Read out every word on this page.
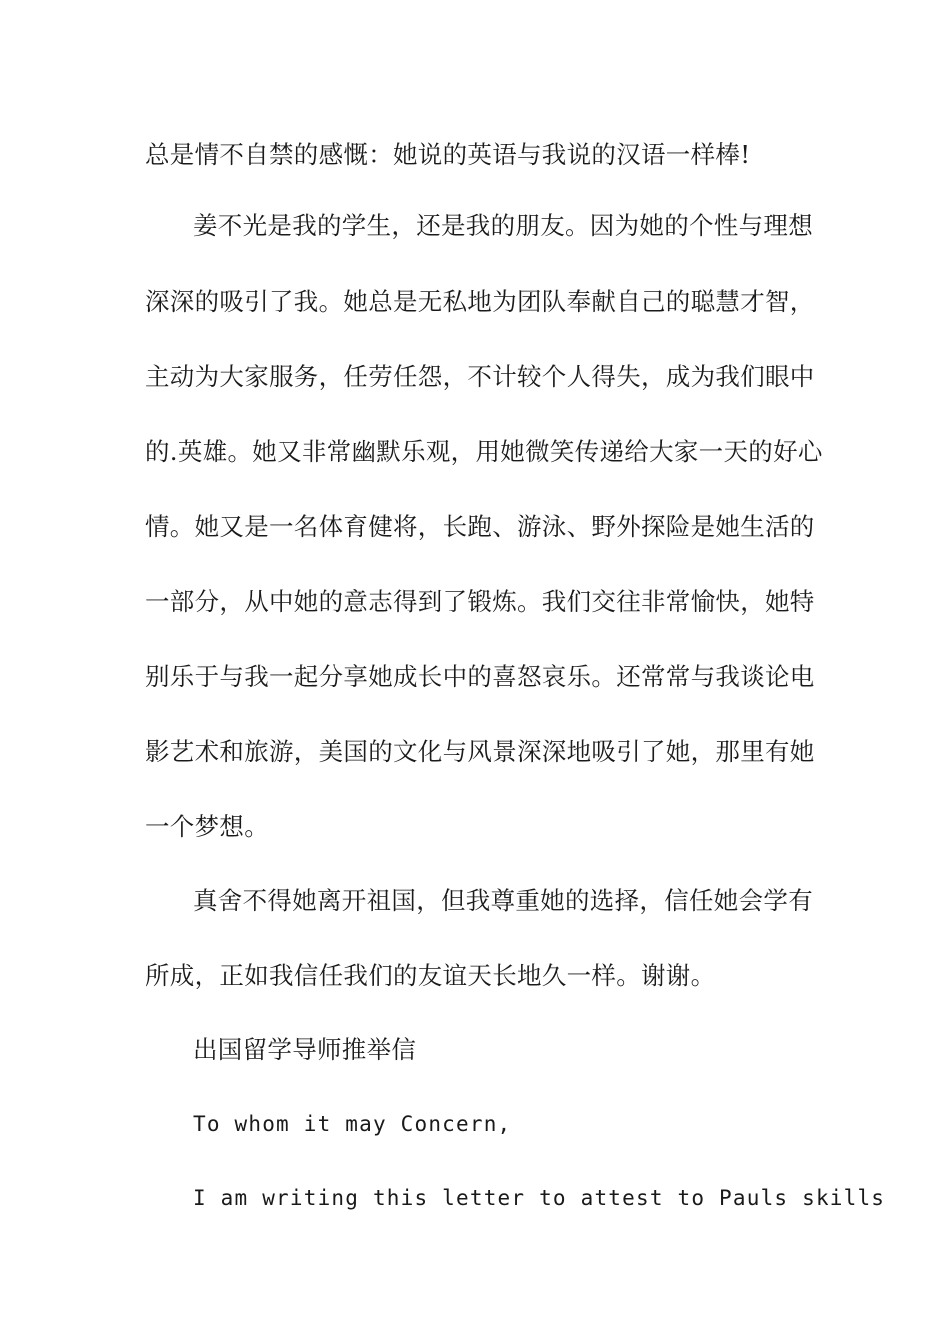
总是情不自禁的感慨：她说的英语与我说的汉语一样棒!
姜不光是我的学生，还是我的朋友。因为她的个性与理想
深深的吸引了我。她总是无私地为团队奉献自己的聪慧才智，
主动为大家服务，任劳任怨，不计较个人得失，成为我们眼中
的.英雄。她又非常幽默乐观，用她微笑传递给大家一天的好心
情。她又是一名体育健将，长跑、游泳、野外探险是她生活的
一部分，从中她的意志得到了锻炼。我们交往非常愉快，她特
别乐于与我一起分享她成长中的喜怒哀乐。还常常与我谈论电
影艺术和旅游，美国的文化与风景深深地吸引了她，那里有她
一个梦想。
真舍不得她离开祖国，但我尊重她的选择，信任她会学有
所成，正如我信任我们的友谊天长地久一样。谢谢。
出国留学导师推举信
To whom it may Concern,
I am writing this letter to attest to Pauls skills
